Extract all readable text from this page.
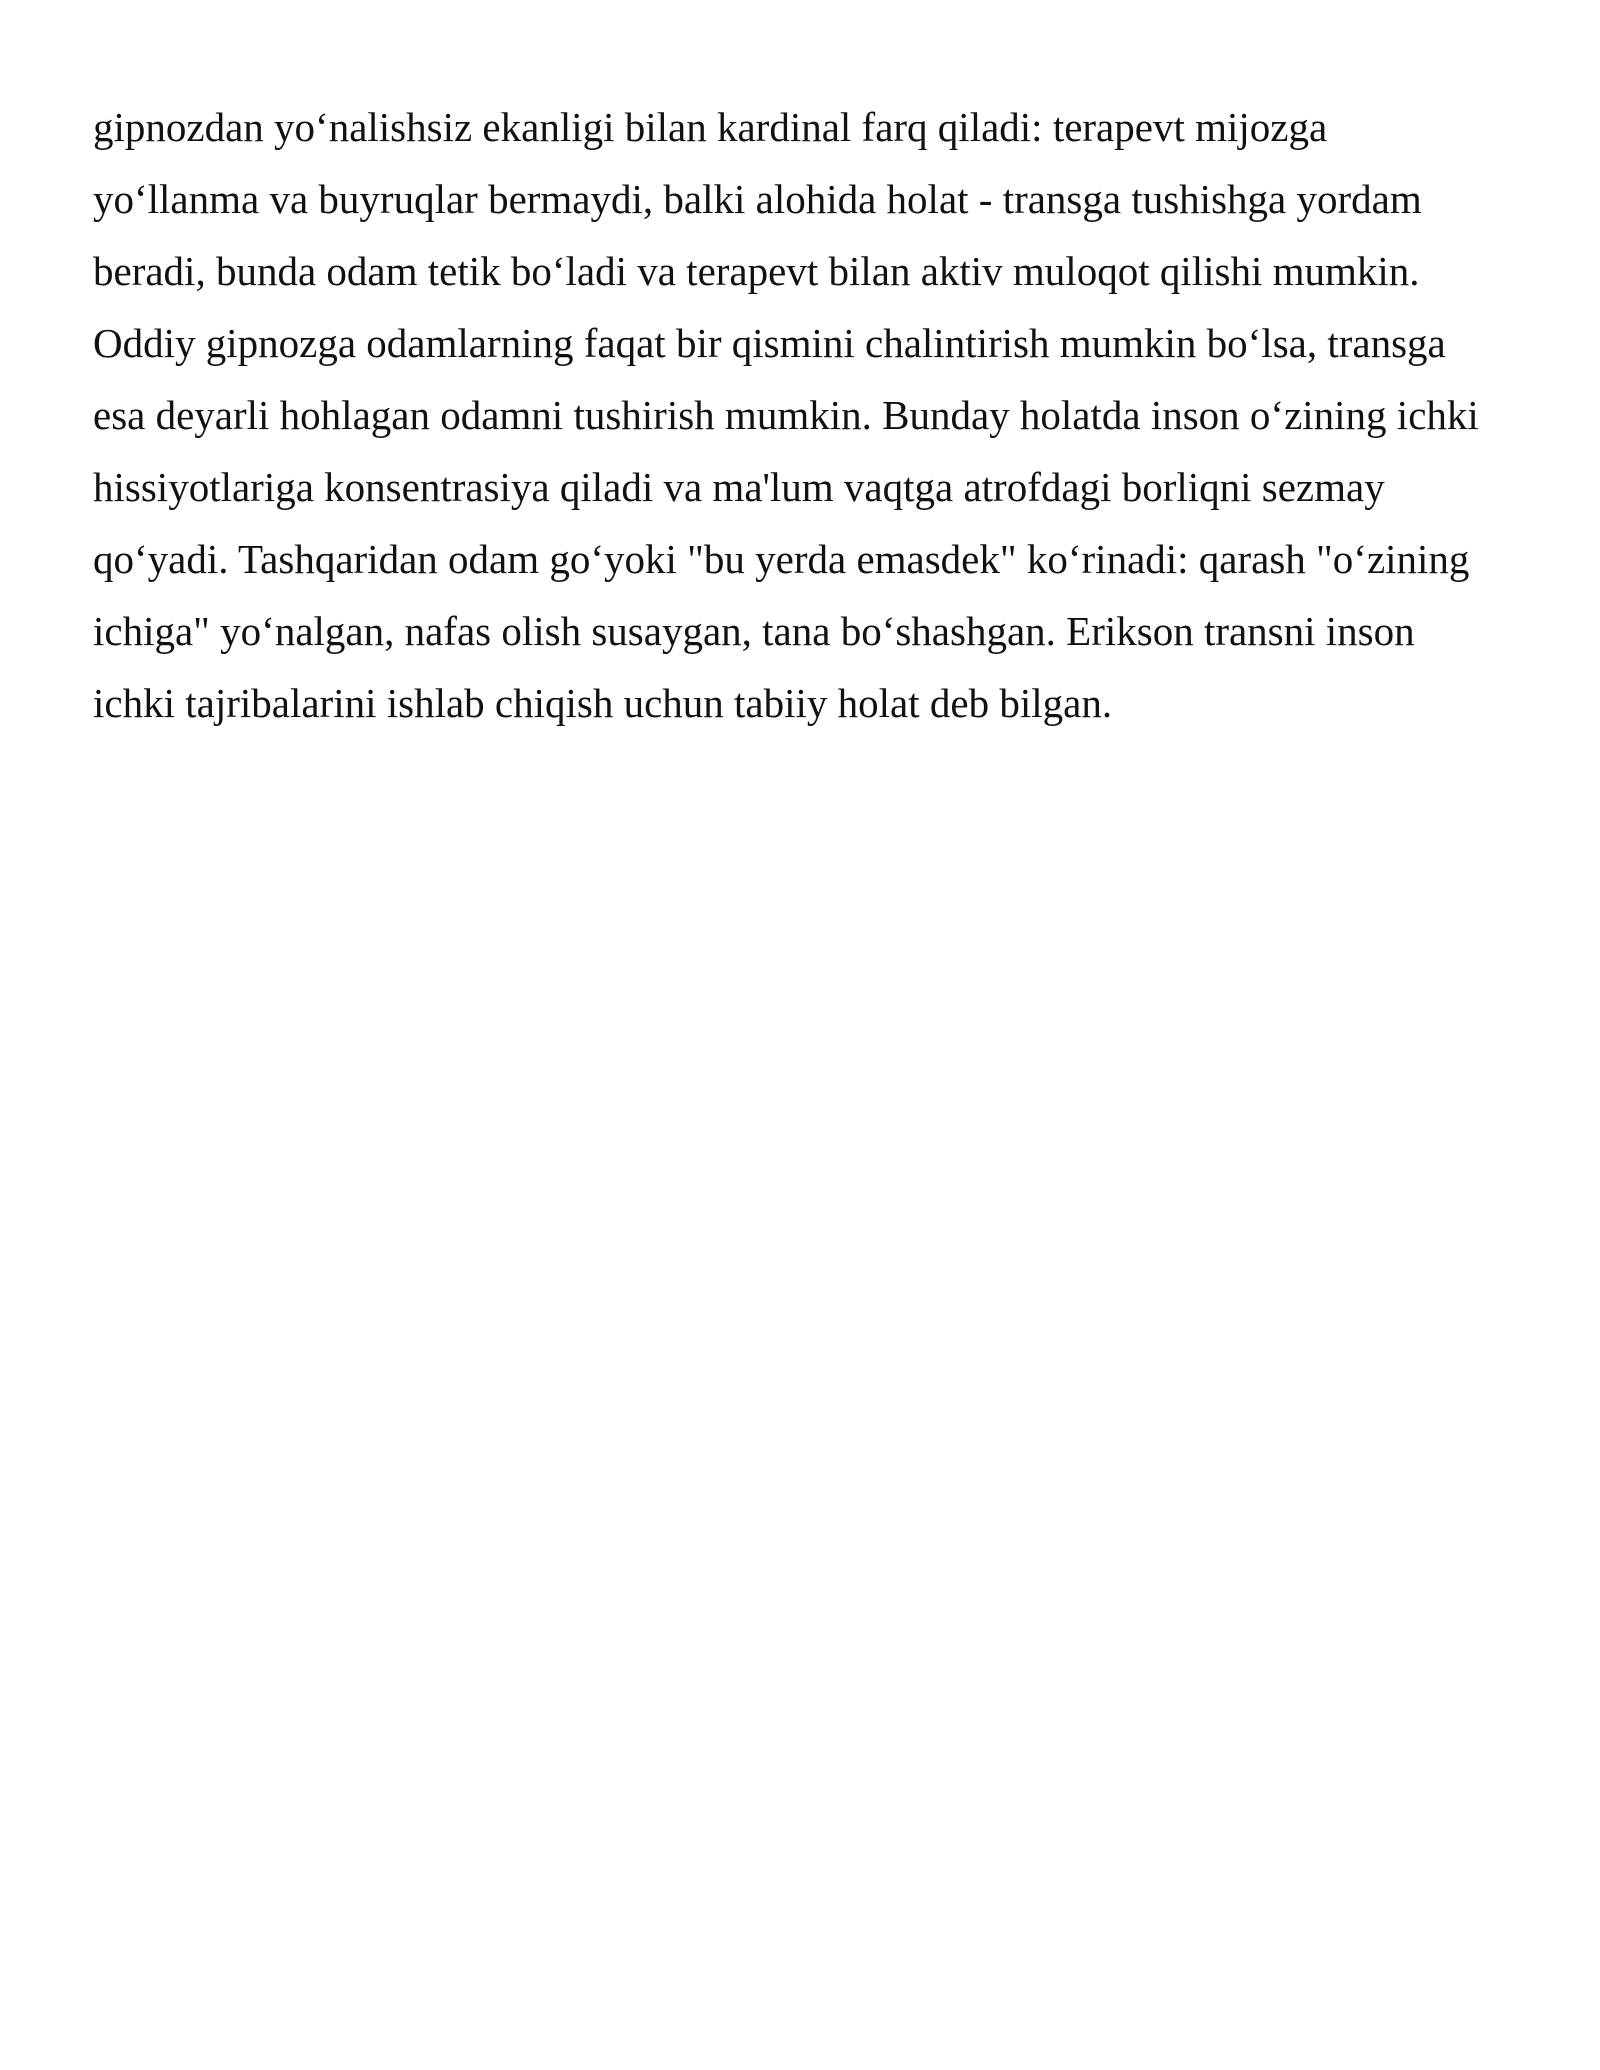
gipnozdan yo‘nalishsiz ekanligi bilan kardinal farq qiladi: terapevt mijozga
yo‘llanma va buyruqlar bermaydi, balki alohida holat - transga tushishga yordam
beradi, bunda odam tetik bo‘ladi va terapevt bilan aktiv muloqot qilishi mumkin.
Oddiy gipnozga odamlarning faqat bir qismini chalintirish mumkin bo‘lsa, transga
esa deyarli hohlagan odamni tushirish mumkin. Bunday holatda inson o‘zining ichki
hissiyotlariga konsentrasiya qiladi va ma'lum vaqtga atrofdagi borliqni sezmay
qo‘yadi. Tashqaridan odam go‘yoki "bu yerda emasdek" ko‘rinadi: qarash "o‘zining
ichiga" yo‘nalgan, nafas olish susaygan, tana bo‘shashgan. Erikson transni inson
ichki tajribalarini ishlab chiqish uchun tabiiy holat deb bilgan.
